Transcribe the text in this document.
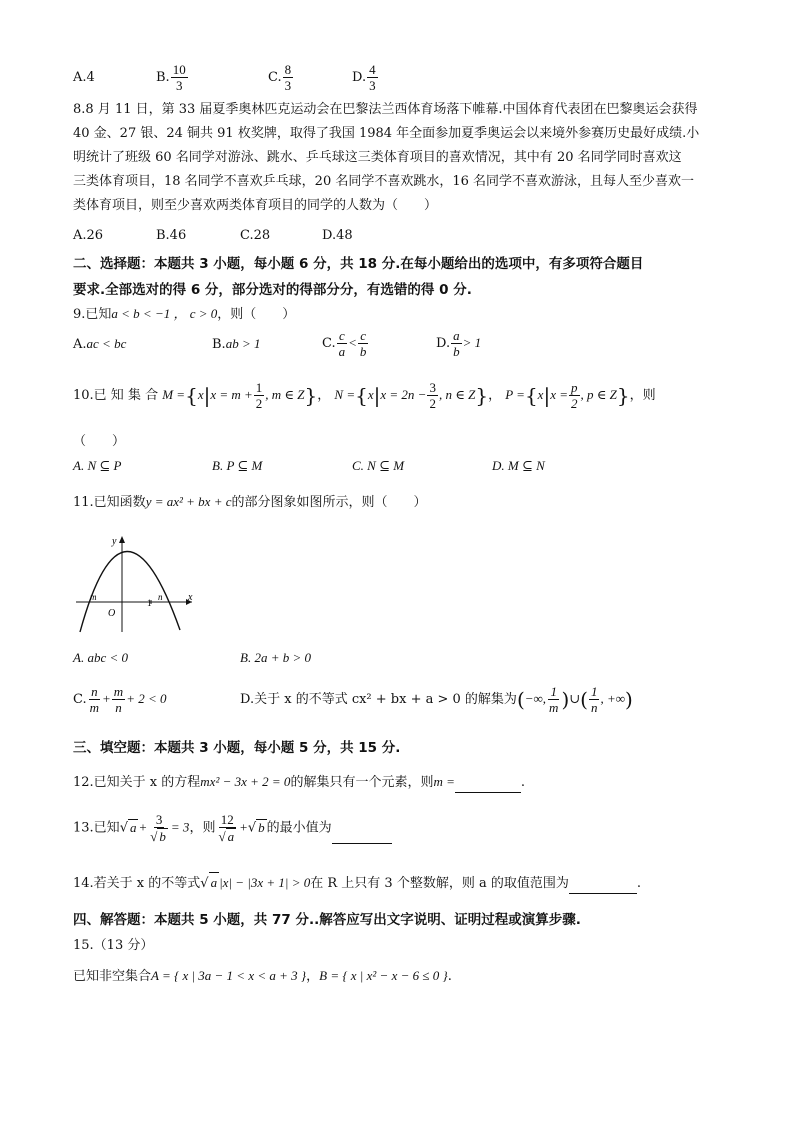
A.4	B. $\frac{10}{3}$	C. $\frac{8}{3}$	D. $\frac{4}{3}$
8.8 月 11 日，第 33 届夏季奥林匹克运动会在巴黎法兰西体育场落下帷幕.中国体育代表团在巴黎奥运会获得
40 金、27 银、24 铜共 91 枚奖牌，取得了我国 1984 年全面参加夏季奥运会以来境外参赛历史最好成绩.小
明统计了班级 60 名同学对游泳、跳水、乒乓球这三类体育项目的喜欢情况，其中有 20 名同学同时喜欢这
三类体育项目，18 名同学不喜欢乒乓球，20 名同学不喜欢跳水，16 名同学不喜欢游泳，且每人至少喜欢一
类体育项目，则至少喜欢两类体育项目的同学的人数为（　　）
A.26	B.46	C.28	D.48
二、选择题：本题共 3 小题，每小题 6 分，共 18 分.在每小题给出的选项中，有多项符合题目
要求.全部选对的得 6 分，部分选对的得部分分，有选错的得 0 分.
9.已知a < b < −1 ， c > 0，则（　　）
A.ac < bc	B.ab > 1	C. $\frac{c}{a} < \frac{c}{b}$	D. $\frac{a}{b} > 1$
10.已 知 集 合 $M =\{x|x = m + \frac{1}{2}$ , m ∈ Z}， $N =\{x|x = 2n - \frac{3}{2}$ , n ∈ Z}， $P =\{x|x = \frac{p}{2}$ , p ∈ Z}，则
（　　）
A. N ⊆ P	B. P ⊆ M	C. N ⊆ M	D. M ⊆ N
11.已知函数y = ax² + bx + c的部分图象如图所示，则（　　）
y
x
O
m
1
n
A. abc < 0	B. 2a + b > 0
C. $\frac{n}{m} + \frac{m}{n} + 2 < 0$	D.关于 x 的不等式 cx² + bx + a > 0 的解集为(−∞, $\frac{1}{m}$ )∪( $\frac{1}{n}$ , +∞)
三、填空题：本题共 3 小题，每小题 5 分，共 15 分.
12.已知关于 x 的方程mx² − 3x + 2 = 0的解集只有一个元素，则m =	.
13.已知√ $a + \frac{3}{√ b} = 3$，则 $\frac{12}{√ a}$ +√ b 的最小值为
14.若关于 x 的不等式√ a |x| − |3x + 1| > 0在 R 上只有 3 个整数解，则 a 的取值范围为	.
四、解答题：本题共 5 小题，共 77 分..解答应写出文字说明、证明过程或演算步骤.
15.（13 分）
已知非空集合A = { x | 3a − 1 < x < a + 3 }，B = { x | x² − x − 6 ≤ 0 }.
